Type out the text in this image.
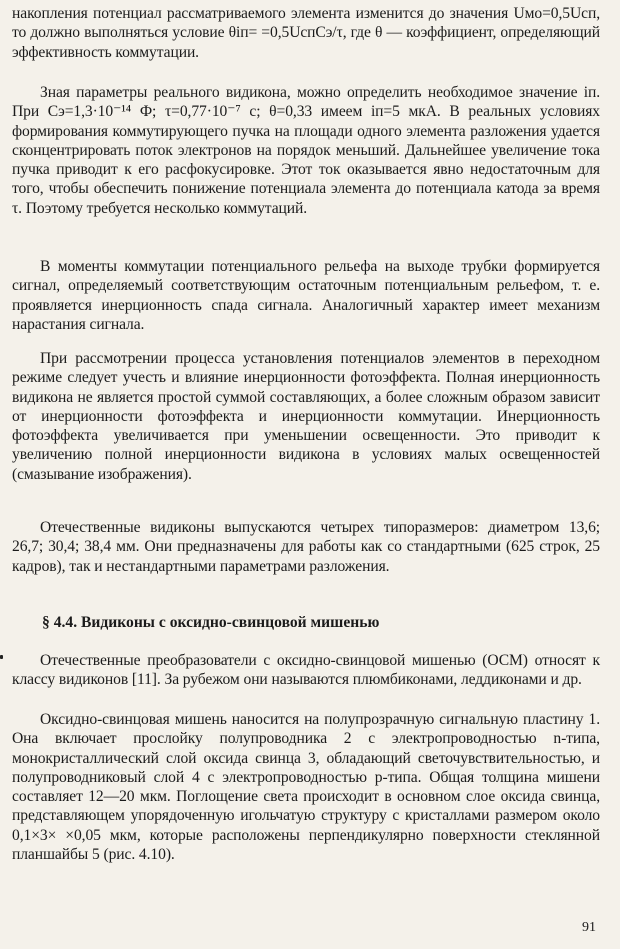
накопления потенциал рассматриваемого элемента изменится до значения Uмо=0,5Uсп, то должно выполняться условие θiп= =0,5UспCэ/τ, где θ — коэффициент, определяющий эффективность коммутации.

Зная параметры реального видикона, можно определить необходимое значение iп. При Cэ=1,3·10⁻¹⁴ Ф; τ=0,77·10⁻⁷ с; θ=0,33 имеем iп=5 мкА. В реальных условиях формирования коммутирующего пучка на площади одного элемента разложения удается сконцентрировать поток электронов на порядок меньший. Дальнейшее увеличение тока пучка приводит к его расфокусировке. Этот ток оказывается явно недостаточным для того, чтобы обеспечить понижение потенциала элемента до потенциала катода за время τ. Поэтому требуется несколько коммутаций.

В моменты коммутации потенциального рельефа на выходе трубки формируется сигнал, определяемый соответствующим остаточным потенциальным рельефом, т. е. проявляется инерционность спада сигнала. Аналогичный характер имеет механизм нарастания сигнала.

При рассмотрении процесса установления потенциалов элементов в переходном режиме следует учесть и влияние инерционности фотоэффекта. Полная инерционность видикона не является простой суммой составляющих, а более сложным образом зависит от инерционности фотоэффекта и инерционности коммутации. Инерционность фотоэффекта увеличивается при уменьшении освещенности. Это приводит к увеличению полной инерционности видикона в условиях малых освещенностей (смазывание изображения).

Отечественные видиконы выпускаются четырех типоразмеров: диаметром 13,6; 26,7; 30,4; 38,4 мм. Они предназначены для работы как со стандартными (625 строк, 25 кадров), так и нестандартными параметрами разложения.

§ 4.4. Видиконы с оксидно-свинцовой мишенью

Отечественные преобразователи с оксидно-свинцовой мишенью (ОСМ) относят к классу видиконов [11]. За рубежом они называются плюмбиконами, леддиконами и др.

Оксидно-свинцовая мишень наносится на полупрозрачную сигнальную пластину 1. Она включает прослойку полупроводника 2 с электропроводностью n-типа, монокристаллический слой оксида свинца 3, обладающий светочувствительностью, и полупроводниковый слой 4 с электропроводностью p-типа. Общая толщина мишени составляет 12—20 мкм. Поглощение света происходит в основном слое оксида свинца, представляющем упорядоченную игольчатую структуру с кристаллами размером около 0,1×3× ×0,05 мкм, которые расположены перпендикулярно поверхности стеклянной планшайбы 5 (рис. 4.10).

91
